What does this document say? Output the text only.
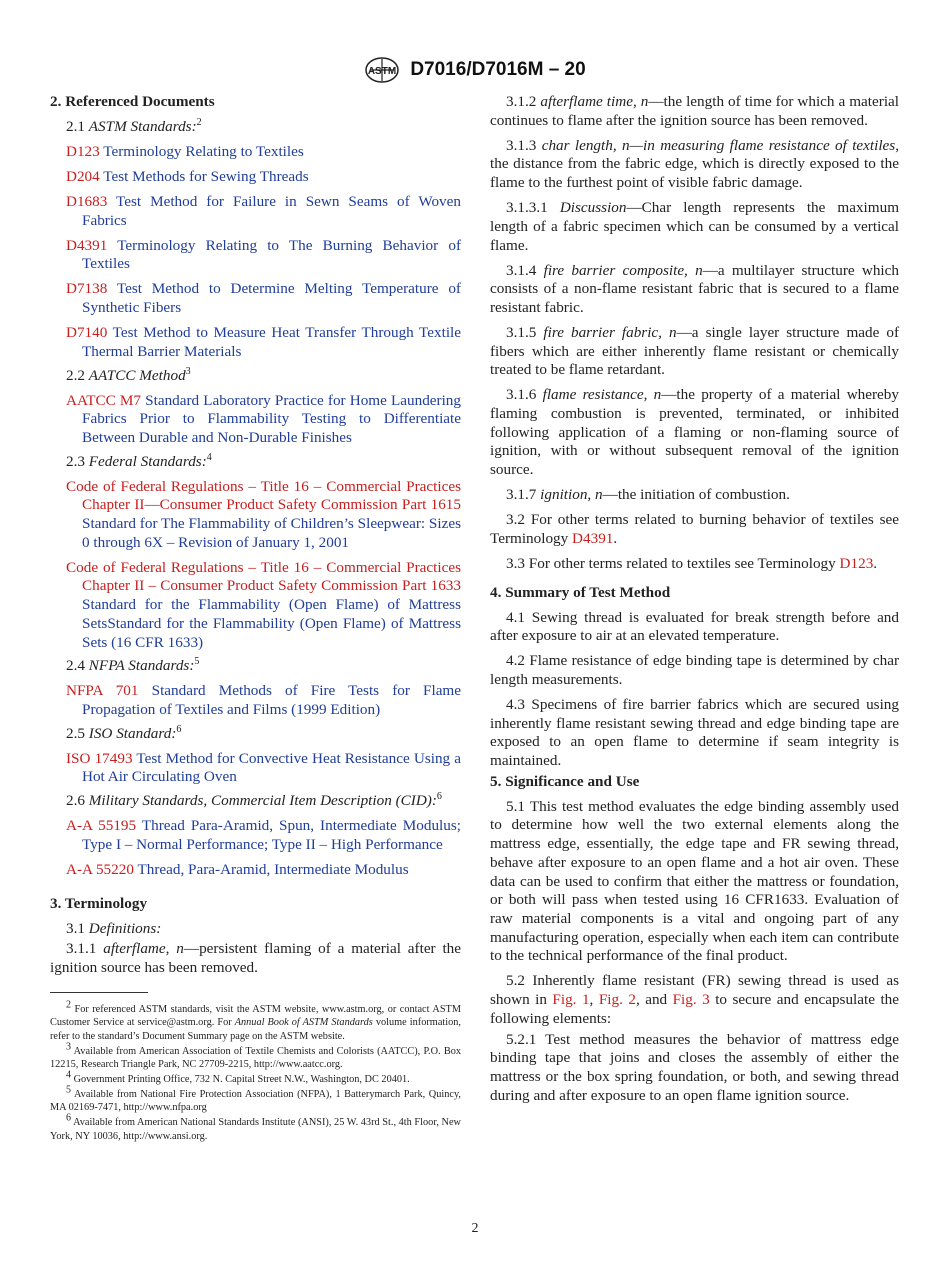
ASTM D7016/D7016M – 20

2. Referenced Documents

2.1 ASTM Standards:$^2$

D123 Terminology Relating to Textiles

D204 Test Methods for Sewing Threads

D1683 Test Method for Failure in Sewn Seams of Woven Fabrics

D4391 Terminology Relating to The Burning Behavior of Textiles

D7138 Test Method to Determine Melting Temperature of Synthetic Fibers

D7140 Test Method to Measure Heat Transfer Through Textile Thermal Barrier Materials

2.2 AATCC Method$^3$

AATCC M7 Standard Laboratory Practice for Home Laundering Fabrics Prior to Flammability Testing to Differentiate Between Durable and Non-Durable Finishes

2.3 Federal Standards:$^4$

Code of Federal Regulations – Title 16 – Commercial Practices Chapter II—Consumer Product Safety Commission Part 1615 Standard for The Flammability of Children’s Sleepwear: Sizes 0 through 6X – Revision of January 1, 2001

Code of Federal Regulations – Title 16 – Commercial Practices Chapter II – Consumer Product Safety Commission Part 1633 Standard for the Flammability (Open Flame) of Mattress SetsStandard for the Flammability (Open Flame) of Mattress Sets (16 CFR 1633)

2.4 NFPA Standards:$^5$

NFPA 701 Standard Methods of Fire Tests for Flame Propagation of Textiles and Films (1999 Edition)

2.5 ISO Standard:$^6$

ISO 17493 Test Method for Convective Heat Resistance Using a Hot Air Circulating Oven

2.6 Military Standards, Commercial Item Description (CID):$^6$

A-A 55195 Thread Para-Aramid, Spun, Intermediate Modulus; Type I – Normal Performance; Type II – High Performance

A-A 55220 Thread, Para-Aramid, Intermediate Modulus

3. Terminology

3.1 Definitions:

3.1.1 afterflame, n—persistent flaming of a material after the ignition source has been removed.

$^2$ For referenced ASTM standards, visit the ASTM website, www.astm.org, or contact ASTM Customer Service at service@astm.org. For Annual Book of ASTM Standards volume information, refer to the standard’s Document Summary page on the ASTM website.

$^3$ Available from American Association of Textile Chemists and Colorists (AATCC), P.O. Box 12215, Research Triangle Park, NC 27709-2215, http://www.aatcc.org.

$^4$ Government Printing Office, 732 N. Capital Street N.W., Washington, DC 20401.

$^5$ Available from National Fire Protection Association (NFPA), 1 Batterymarch Park, Quincy, MA 02169-7471, http://www.nfpa.org

$^6$ Available from American National Standards Institute (ANSI), 25 W. 43rd St., 4th Floor, New York, NY 10036, http://www.ansi.org.

3.1.2 afterflame time, n—the length of time for which a material continues to flame after the ignition source has been removed.

3.1.3 char length, n—in measuring flame resistance of textiles, the distance from the fabric edge, which is directly exposed to the flame to the furthest point of visible fabric damage.

3.1.3.1 Discussion—Char length represents the maximum length of a fabric specimen which can be consumed by a vertical flame.

3.1.4 fire barrier composite, n—a multilayer structure which consists of a non-flame resistant fabric that is secured to a flame resistant fabric.

3.1.5 fire barrier fabric, n—a single layer structure made of fibers which are either inherently flame resistant or chemically treated to be flame retardant.

3.1.6 flame resistance, n—the property of a material whereby flaming combustion is prevented, terminated, or inhibited following application of a flaming or non-flaming source of ignition, with or without subsequent removal of the ignition source.

3.1.7 ignition, n—the initiation of combustion.

3.2 For other terms related to burning behavior of textiles see Terminology D4391.

3.3 For other terms related to textiles see Terminology D123.

4. Summary of Test Method

4.1 Sewing thread is evaluated for break strength before and after exposure to air at an elevated temperature.

4.2 Flame resistance of edge binding tape is determined by char length measurements.

4.3 Specimens of fire barrier fabrics which are secured using inherently flame resistant sewing thread and edge binding tape are exposed to an open flame to determine if seam integrity is maintained.

5. Significance and Use

5.1 This test method evaluates the edge binding assembly used to determine how well the two external elements along the mattress edge, essentially, the edge tape and FR sewing thread, behave after exposure to an open flame and a hot air oven. These data can be used to confirm that either the mattress or foundation, or both will pass when tested using 16 CFR1633. Evaluation of raw material components is a vital and ongoing part of any manufacturing operation, especially when each item can contribute to the technical performance of the final product.

5.2 Inherently flame resistant (FR) sewing thread is used as shown in Fig. 1, Fig. 2, and Fig. 3 to secure and encapsulate the following elements:

5.2.1 Test method measures the behavior of mattress edge binding tape that joins and closes the assembly of either the mattress or the box spring foundation, or both, and sewing thread during and after exposure to an open flame ignition source.

2
